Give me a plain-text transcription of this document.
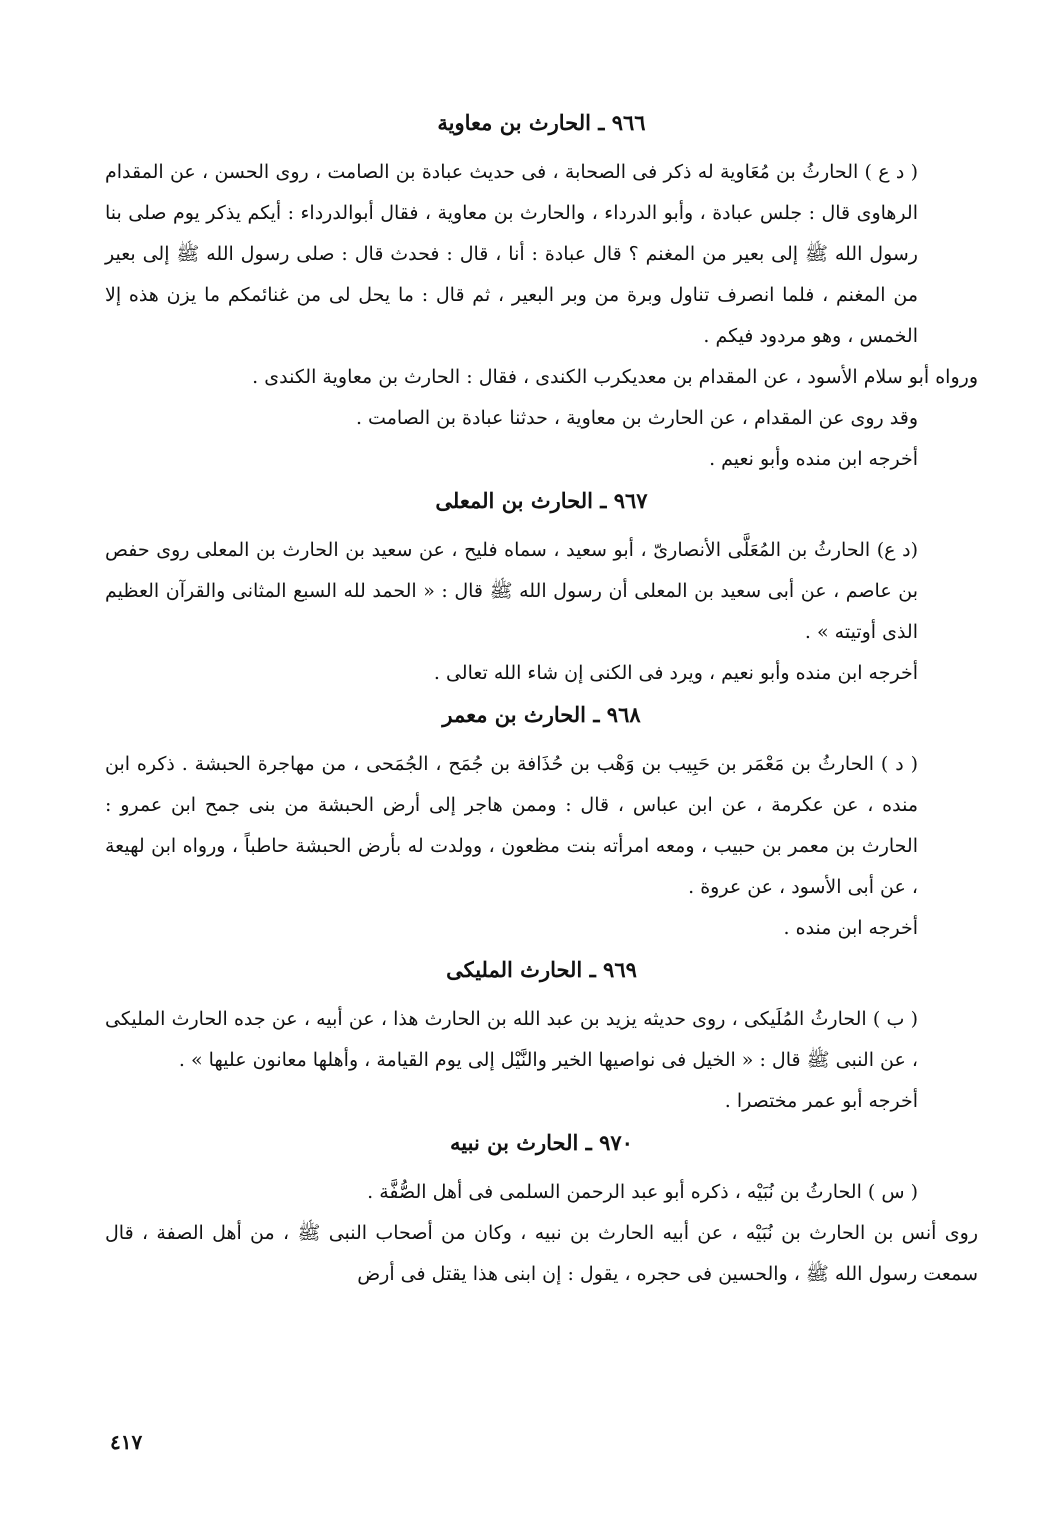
٩٦٦ ـ الحارث بن معاوية

( د ع ) الحارثُ بن مُعَاوية له ذكر فى الصحابة ، فى حديث عبادة بن الصامت ، روى الحسن ، عن المقدام الرهاوى قال : جلس عبادة ، وأبو الدرداء ، والحارث بن معاوية ، فقال أبوالدرداء : أيكم يذكر يوم صلى بنا رسول الله ﷺ إلى بعير من المغنم ؟ قال عبادة : أنا ، قال : فحدث قال : صلى رسول الله ﷺ إلى بعير من المغنم ، فلما انصرف تناول وبرة من وبر البعير ، ثم قال : ما يحل لى من غنائمكم ما يزن هذه إلا الخمس ، وهو مردود فيكم .

ورواه أبو سلام الأسود ، عن المقدام بن معديكرب الكندى ، فقال : الحارث بن معاوية الكندى .

وقد روى عن المقدام ، عن الحارث بن معاوية ، حدثنا عبادة بن الصامت .

أخرجه ابن منده وأبو نعيم .

٩٦٧ ـ الحارث بن المعلى

(د ع) الحارثُ بن المُعَلَّى الأنصارىّ ، أبو سعيد ، سماه فليح ، عن سعيد بن الحارث بن المعلى روى حفص بن عاصم ، عن أبى سعيد بن المعلى أن رسول الله ﷺ قال : « الحمد لله السبع المثانى والقرآن العظيم الذى أوتيته » .

أخرجه ابن منده وأبو نعيم ، ويرد فى الكنى إن شاء الله تعالى .

٩٦٨ ـ الحارث بن معمر

( د ) الحارثُ بن مَعْمَر بن حَبِيب بن وَهْب بن حُذَافة بن جُمَح ، الجُمَحى ، من مهاجرة الحبشة . ذكره ابن منده ، عن عكرمة ، عن ابن عباس ، قال : وممن هاجر إلى أرض الحبشة من بنى جمح ابن عمرو : الحارث بن معمر بن حبيب ، ومعه امرأته بنت مظعون ، وولدت له بأرض الحبشة حاطباً ، ورواه ابن لهيعة ، عن أبى الأسود ، عن عروة .

أخرجه ابن منده .

٩٦٩ ـ الحارث المليكى

( ب ) الحارثُ المُلَيكى ، روى حديثه يزيد بن عبد الله بن الحارث هذا ، عن أبيه ، عن جده الحارث المليكى ، عن النبى ﷺ قال : « الخيل فى نواصيها الخير والنَّيْل إلى يوم القيامة ، وأهلها معانون عليها » .

أخرجه أبو عمر مختصرا .

٩٧٠ ـ الحارث بن نبيه

( س ) الحارثُ بن نُبَيْه ، ذكره أبو عبد الرحمن السلمى فى أهل الصُّفَّة .

روى أنس بن الحارث بن نُبَيْه ، عن أبيه الحارث بن نبيه ، وكان من أصحاب النبى ﷺ ، من أهل الصفة ، قال سمعت رسول الله ﷺ ، والحسين فى حجره ، يقول : إن ابنى هذا يقتل فى أرض

٤١٧
